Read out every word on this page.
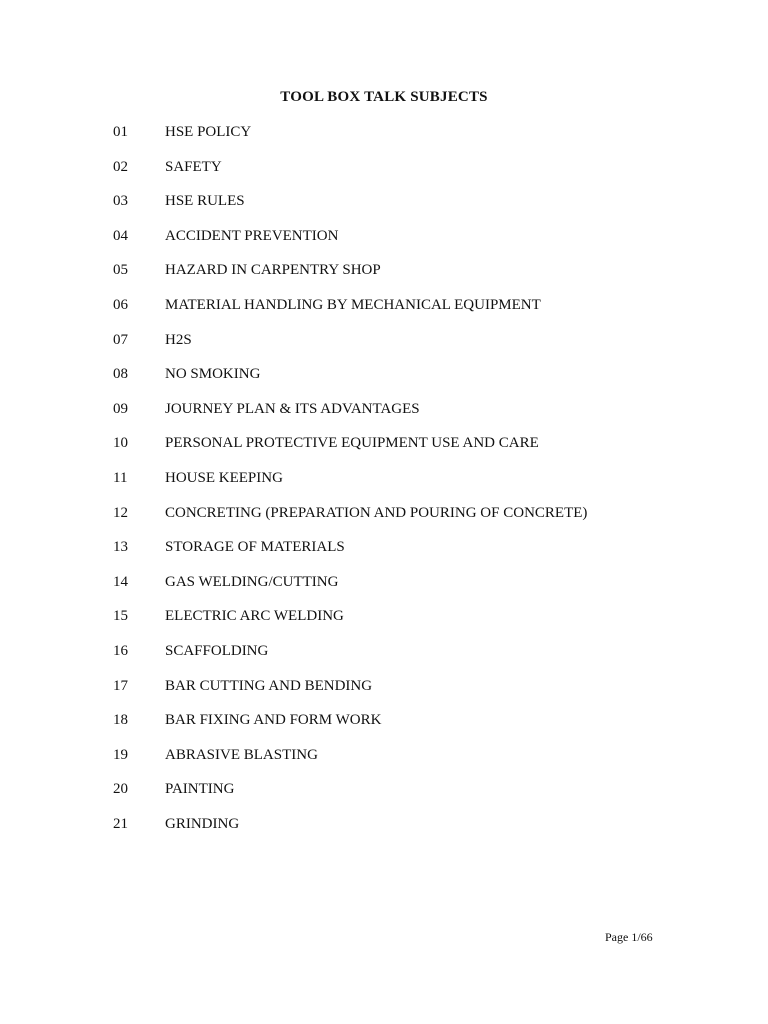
TOOL BOX TALK SUBJECTS
01 HSE POLICY
02 SAFETY
03 HSE RULES
04 ACCIDENT PREVENTION
05 HAZARD IN CARPENTRY SHOP
06 MATERIAL HANDLING BY MECHANICAL EQUIPMENT
07 H2S
08 NO SMOKING
09 JOURNEY PLAN & ITS ADVANTAGES
10 PERSONAL PROTECTIVE EQUIPMENT USE AND CARE
11	HOUSE KEEPING
12 CONCRETING (PREPARATION AND POURING OF CONCRETE)
13 STORAGE OF MATERIALS
14 GAS WELDING/CUTTING
15 ELECTRIC ARC WELDING
16 SCAFFOLDING
17 BAR CUTTING AND BENDING
18 BAR FIXING AND FORM WORK
19 ABRASIVE BLASTING
20 PAINTING
21 GRINDING
Page 1/66
